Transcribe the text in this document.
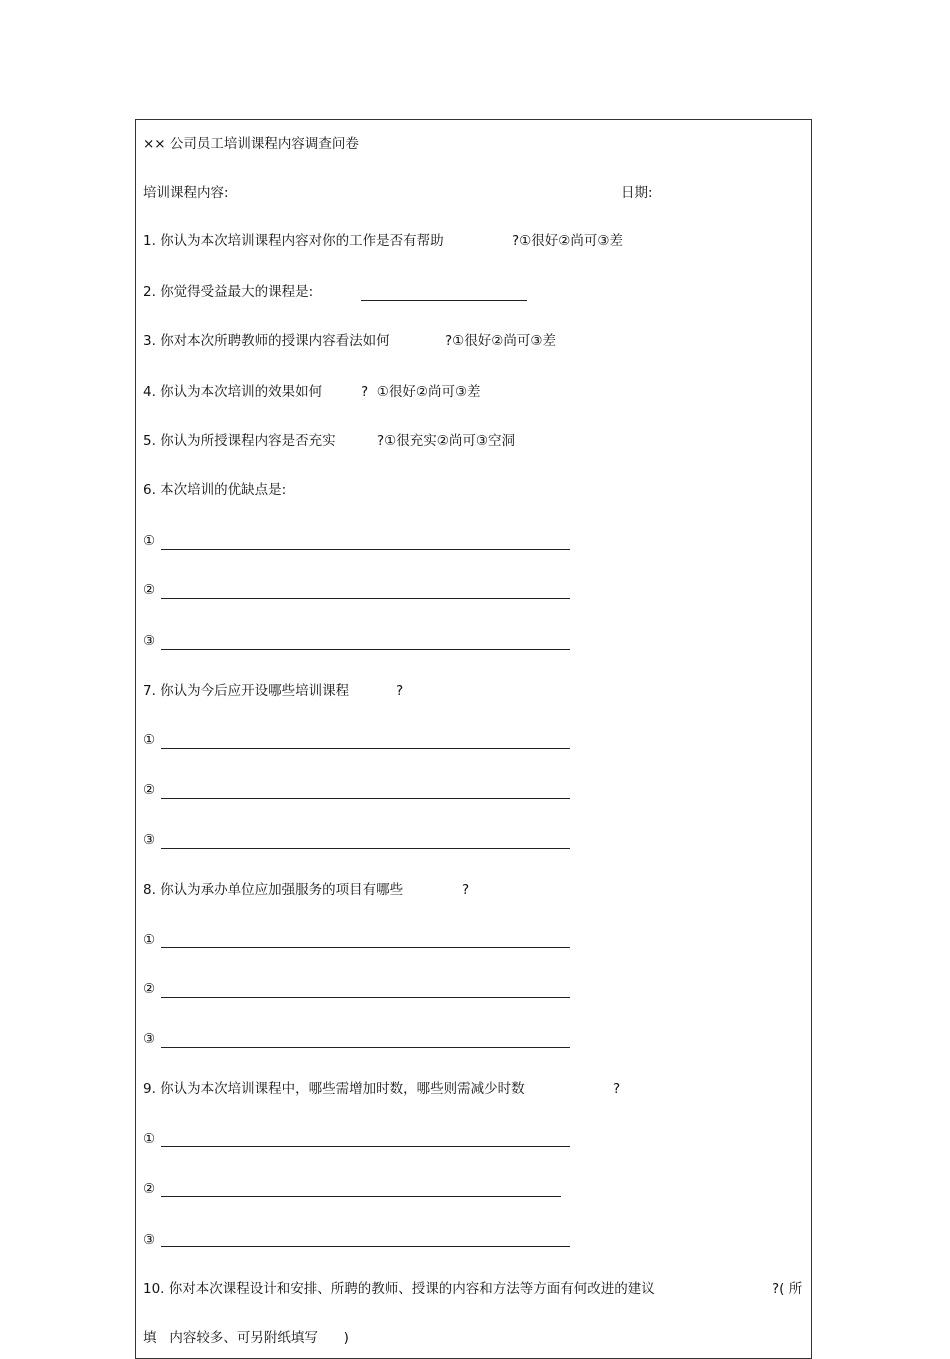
×× 公司员工培训课程内容调查问卷
培训课程内容:	日期:
1. 你认为本次培训课程内容对你的工作是否有帮助	?①很好②尚可③差
2. 你觉得受益最大的课程是:
3. 你对本次所聘教师的授课内容看法如何	?①很好②尚可③差
4. 你认为本次培训的效果如何	?  ①很好②尚可③差
5. 你认为所授课程内容是否充实	?①很充实②尚可③空洞
6. 本次培训的优缺点是:
①
②
③
7. 你认为今后应开设哪些培训课程	?
①
②
③
8. 你认为承办单位应加强服务的项目有哪些	?
①
②
③
9. 你认为本次培训课程中，哪些需增加时数，哪些则需减少时数	?
①
②
③
10. 你对本次课程设计和安排、所聘的教师、授课的内容和方法等方面有何改进的建议	?( 所
填   内容较多、可另附纸填写      )
